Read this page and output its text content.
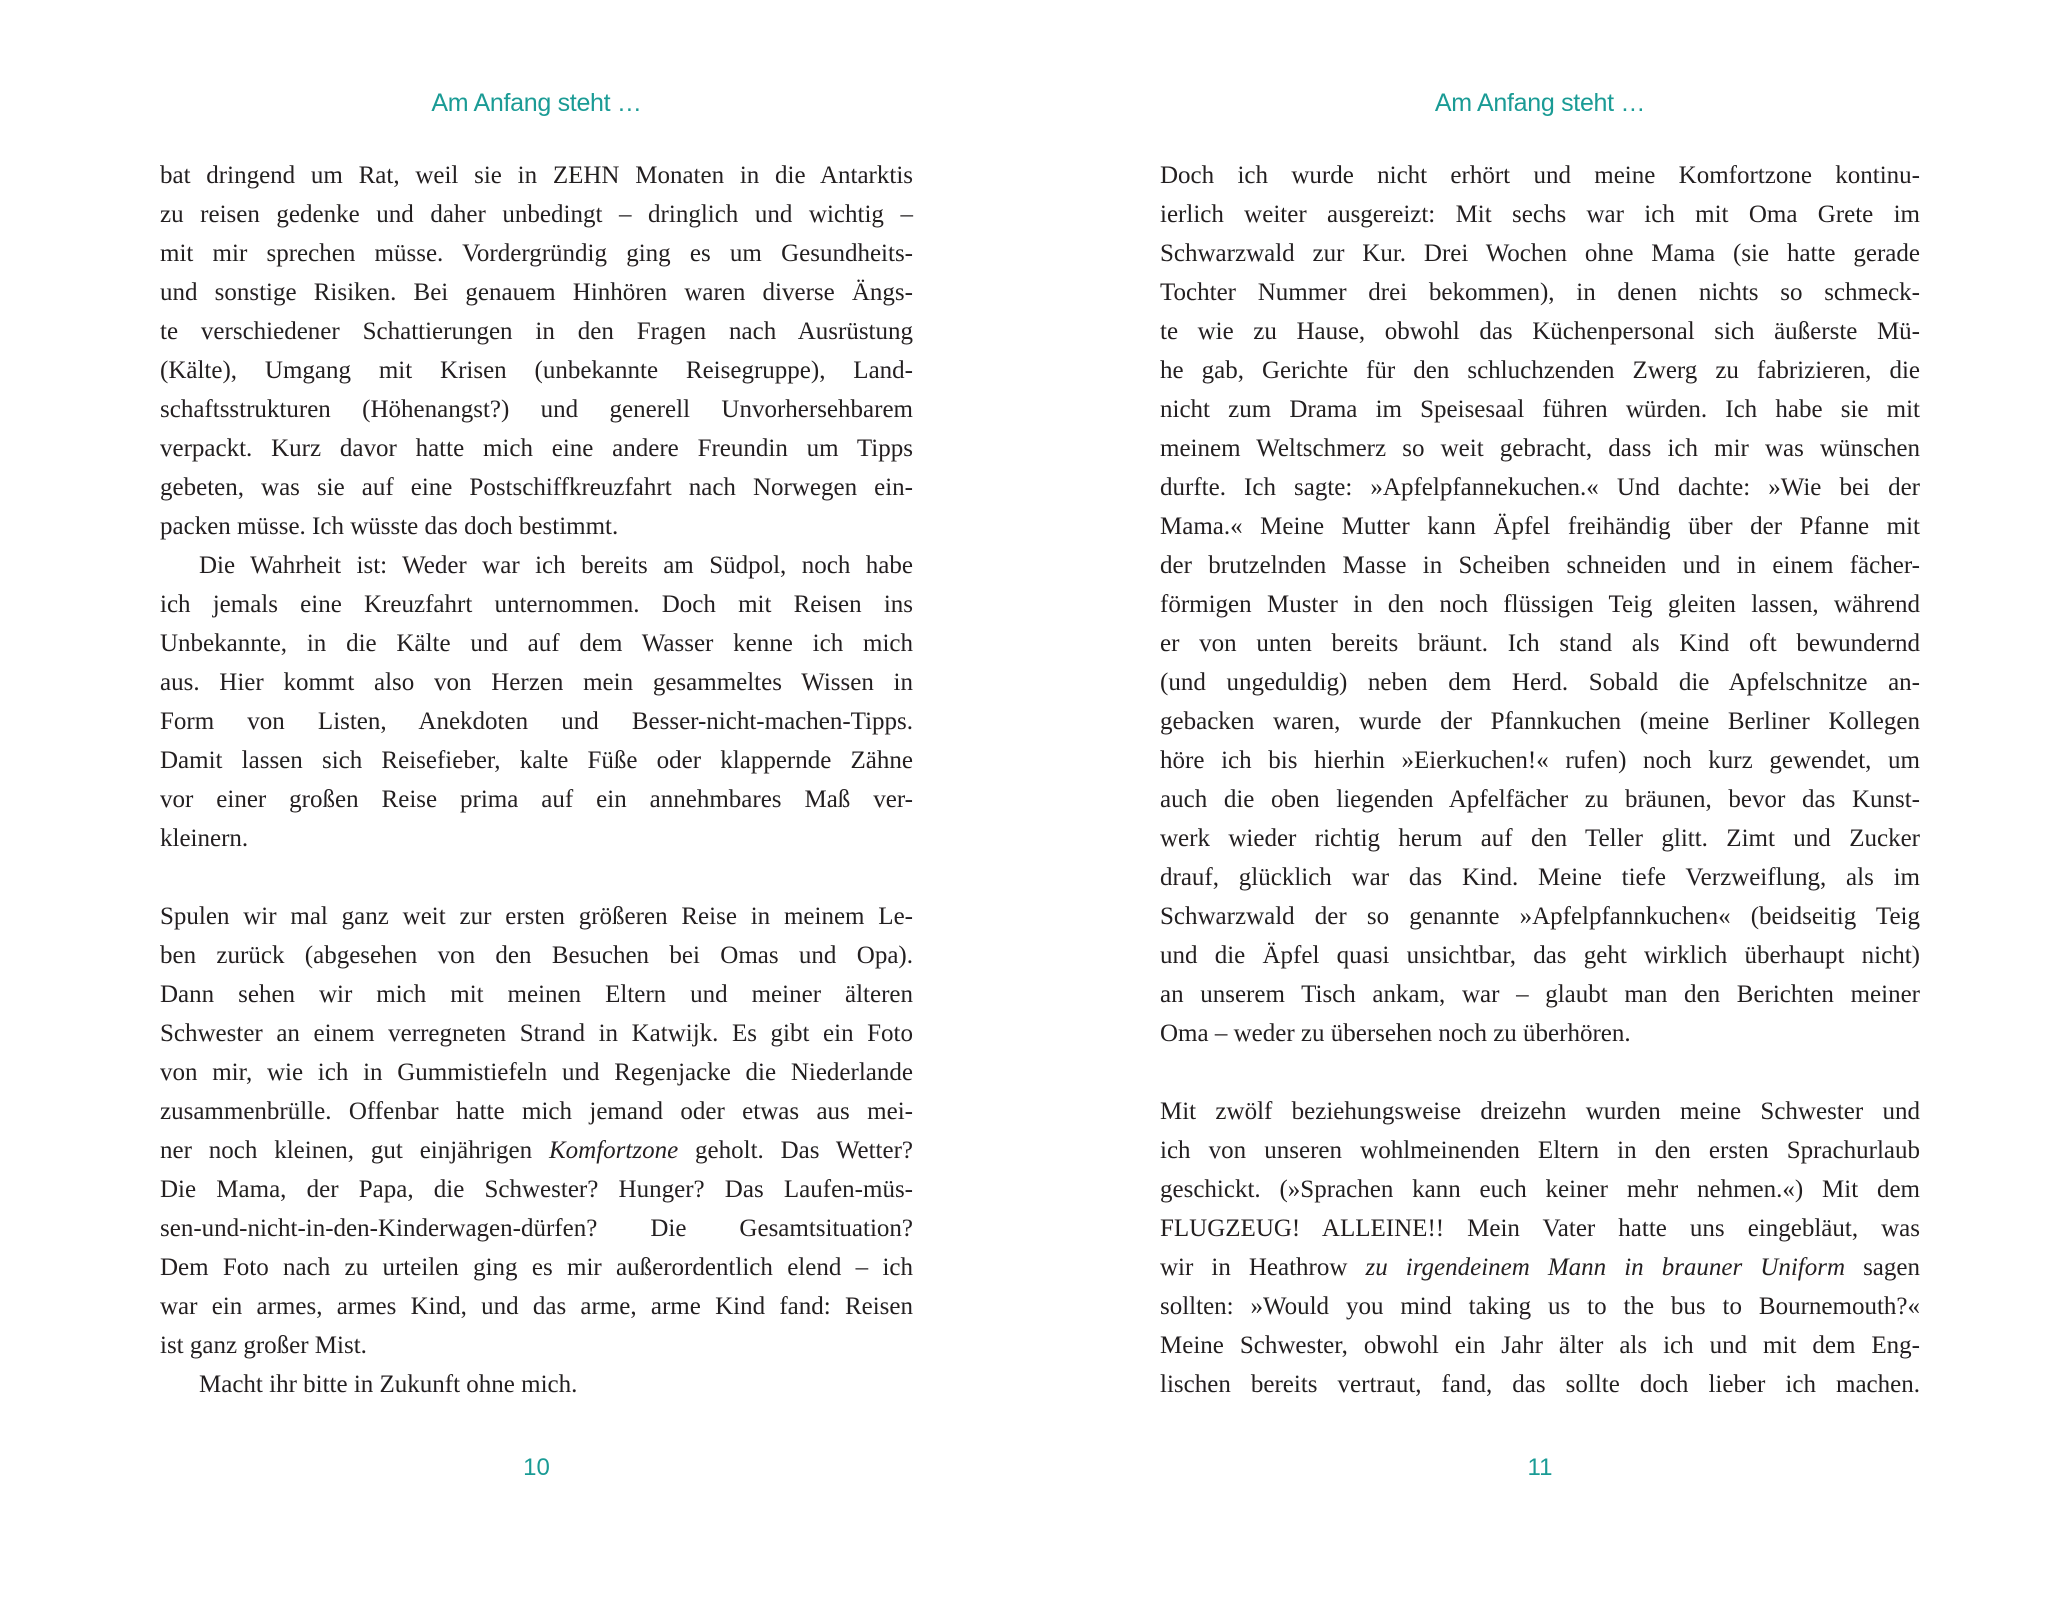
Am Anfang steht …
bat dringend um Rat, weil sie in ZEHN Monaten in die Antarktis
zu reisen gedenke und daher unbedingt – dringlich und wichtig –
mit mir sprechen müsse. Vordergründig ging es um Gesundheits-
und sonstige Risiken. Bei genauem Hinhören waren diverse Ängs-
te verschiedener Schattierungen in den Fragen nach Ausrüstung
(Kälte), Umgang mit Krisen (unbekannte Reisegruppe), Land-
schaftsstrukturen (Höhenangst?) und generell Unvorhersehbarem
verpackt. Kurz davor hatte mich eine andere Freundin um Tipps
gebeten, was sie auf eine Postschiffkreuzfahrt nach Norwegen ein-
packen müsse. Ich wüsste das doch bestimmt.
Die Wahrheit ist: Weder war ich bereits am Südpol, noch habe
ich jemals eine Kreuzfahrt unternommen. Doch mit Reisen ins
Unbekannte, in die Kälte und auf dem Wasser kenne ich mich
aus. Hier kommt also von Herzen mein gesammeltes Wissen in
Form von Listen, Anekdoten und Besser-nicht-machen-Tipps.
Damit lassen sich Reisefieber, kalte Füße oder klappernde Zähne
vor einer großen Reise prima auf ein annehmbares Maß ver-
kleinern.
Spulen wir mal ganz weit zur ersten größeren Reise in meinem Le-
ben zurück (abgesehen von den Besuchen bei Omas und Opa).
Dann sehen wir mich mit meinen Eltern und meiner älteren
Schwester an einem verregneten Strand in Katwijk. Es gibt ein Foto
von mir, wie ich in Gummistiefeln und Regenjacke die Niederlande
zusammenbrülle. Offenbar hatte mich jemand oder etwas aus mei-
ner noch kleinen, gut einjährigen Komfortzone geholt. Das Wetter?
Die Mama, der Papa, die Schwester? Hunger? Das Laufen-müs-
sen-und-nicht-in-den-Kinderwagen-dürfen? Die Gesamtsituation?
Dem Foto nach zu urteilen ging es mir außerordentlich elend – ich
war ein armes, armes Kind, und das arme, arme Kind fand: Reisen
ist ganz großer Mist.
Macht ihr bitte in Zukunft ohne mich.
10
Am Anfang steht …
Doch ich wurde nicht erhört und meine Komfortzone kontinu-
ierlich weiter ausgereizt: Mit sechs war ich mit Oma Grete im
Schwarzwald zur Kur. Drei Wochen ohne Mama (sie hatte gerade
Tochter Nummer drei bekommen), in denen nichts so schmeck-
te wie zu Hause, obwohl das Küchenpersonal sich äußerste Mü-
he gab, Gerichte für den schluchzenden Zwerg zu fabrizieren, die
nicht zum Drama im Speisesaal führen würden. Ich habe sie mit
meinem Weltschmerz so weit gebracht, dass ich mir was wünschen
durfte. Ich sagte: »Apfelpfannekuchen.« Und dachte: »Wie bei der
Mama.« Meine Mutter kann Äpfel freihändig über der Pfanne mit
der brutzelnden Masse in Scheiben schneiden und in einem fächer-
förmigen Muster in den noch flüssigen Teig gleiten lassen, während
er von unten bereits bräunt. Ich stand als Kind oft bewundernd
(und ungeduldig) neben dem Herd. Sobald die Apfelschnitze an-
gebacken waren, wurde der Pfannkuchen (meine Berliner Kollegen
höre ich bis hierhin »Eierkuchen!« rufen) noch kurz gewendet, um
auch die oben liegenden Apfelfächer zu bräunen, bevor das Kunst-
werk wieder richtig herum auf den Teller glitt. Zimt und Zucker
drauf, glücklich war das Kind. Meine tiefe Verzweiflung, als im
Schwarzwald der so genannte »Apfelpfannkuchen« (beidseitig Teig
und die Äpfel quasi unsichtbar, das geht wirklich überhaupt nicht)
an unserem Tisch ankam, war – glaubt man den Berichten meiner
Oma – weder zu übersehen noch zu überhören.
Mit zwölf beziehungsweise dreizehn wurden meine Schwester und
ich von unseren wohlmeinenden Eltern in den ersten Sprachurlaub
geschickt. (»Sprachen kann euch keiner mehr nehmen.«) Mit dem
FLUGZEUG! ALLEINE!! Mein Vater hatte uns eingebläut, was
wir in Heathrow zu irgendeinem Mann in brauner Uniform sagen
sollten: »Would you mind taking us to the bus to Bournemouth?«
Meine Schwester, obwohl ein Jahr älter als ich und mit dem Eng-
lischen bereits vertraut, fand, das sollte doch lieber ich machen.
11
